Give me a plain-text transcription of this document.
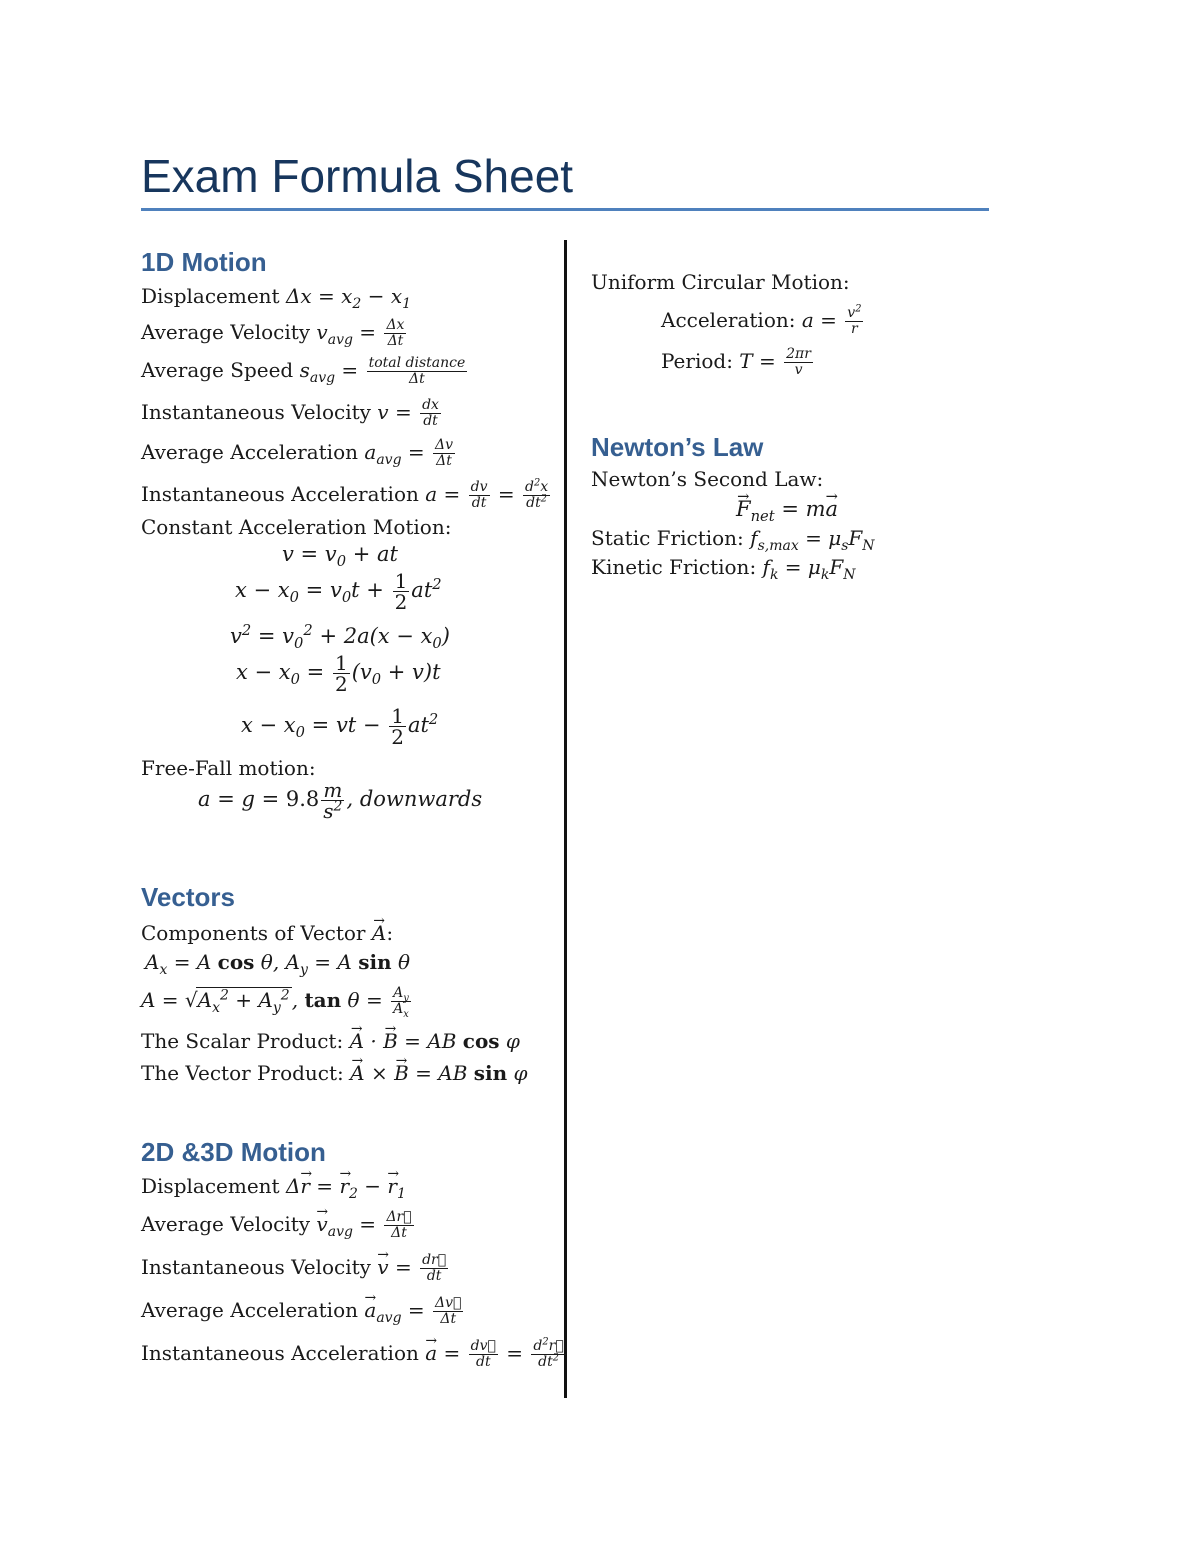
Exam Formula Sheet
1D Motion
Displacement $\Delta x = x_2 - x_1$
Average Velocity $v_{avg} = \frac{\Delta x}{\Delta t}$
Average Speed $s_{avg}$ = total distance
Δt
Instantaneous Velocity $v = \frac{dx}{dt}$
Average Acceleration $a_{avg} = \frac{\Delta v}{\Delta t}$
Instantaneous Acceleration $a = \frac{dv}{dt} = \frac{d^2x}{dt^2}$
Constant Acceleration Motion:
$v = v_0$ + at
$x - x_0 = v_0t + \frac{1}{2} at^2$
$v^2 = v_0^2 + 2a(x - x_0)$
$x - x_0 = \frac{1}{2} (v_0 + v)t$
$x - x_0$ = vt − $\frac{1}{2} at^2$
Free-Fall motion:
$a = g = 9.8 \frac{m}{s^2}$ , downwards
Vectors
Components of Vector → A:
$A_x = A$ cos θ, $A_y = A$ sin θ
$A = √A_x^2 + A_y^2$ , $\tan \theta = \frac{A_y}{A_x}$
The Scalar Product: → A · → B = AB cos φ
The Vector Product: → A × → B = AB sin φ
2D &3D Motion
Displacement Δ→ r = → $r_2$ − → $r_1$
Average Velocity → $v_{avg} = \frac{\Delta r⃗}{\Delta t}$
Instantaneous Velocity → $v = \frac{dr⃗}{dt}$
Average Acceleration → $a_{avg} = \frac{\Delta v⃗}{\Delta t}$
Instantaneous Acceleration → $a = \frac{dv⃗}{dt} = \frac{d^2r⃗}{dt^2}$
Uniform Circular Motion:
Acceleration: $a = \frac{v^2}{r}$
Period: $T = \frac{2\pi r}{v}$
Newton’s Law
Newton’s Second Law:
→ $F_{net} = m\to a$
Static Friction: $f_{s,max} = \mu_sF_N$
Kinetic Friction: $f_k = \mu_kF_N$
